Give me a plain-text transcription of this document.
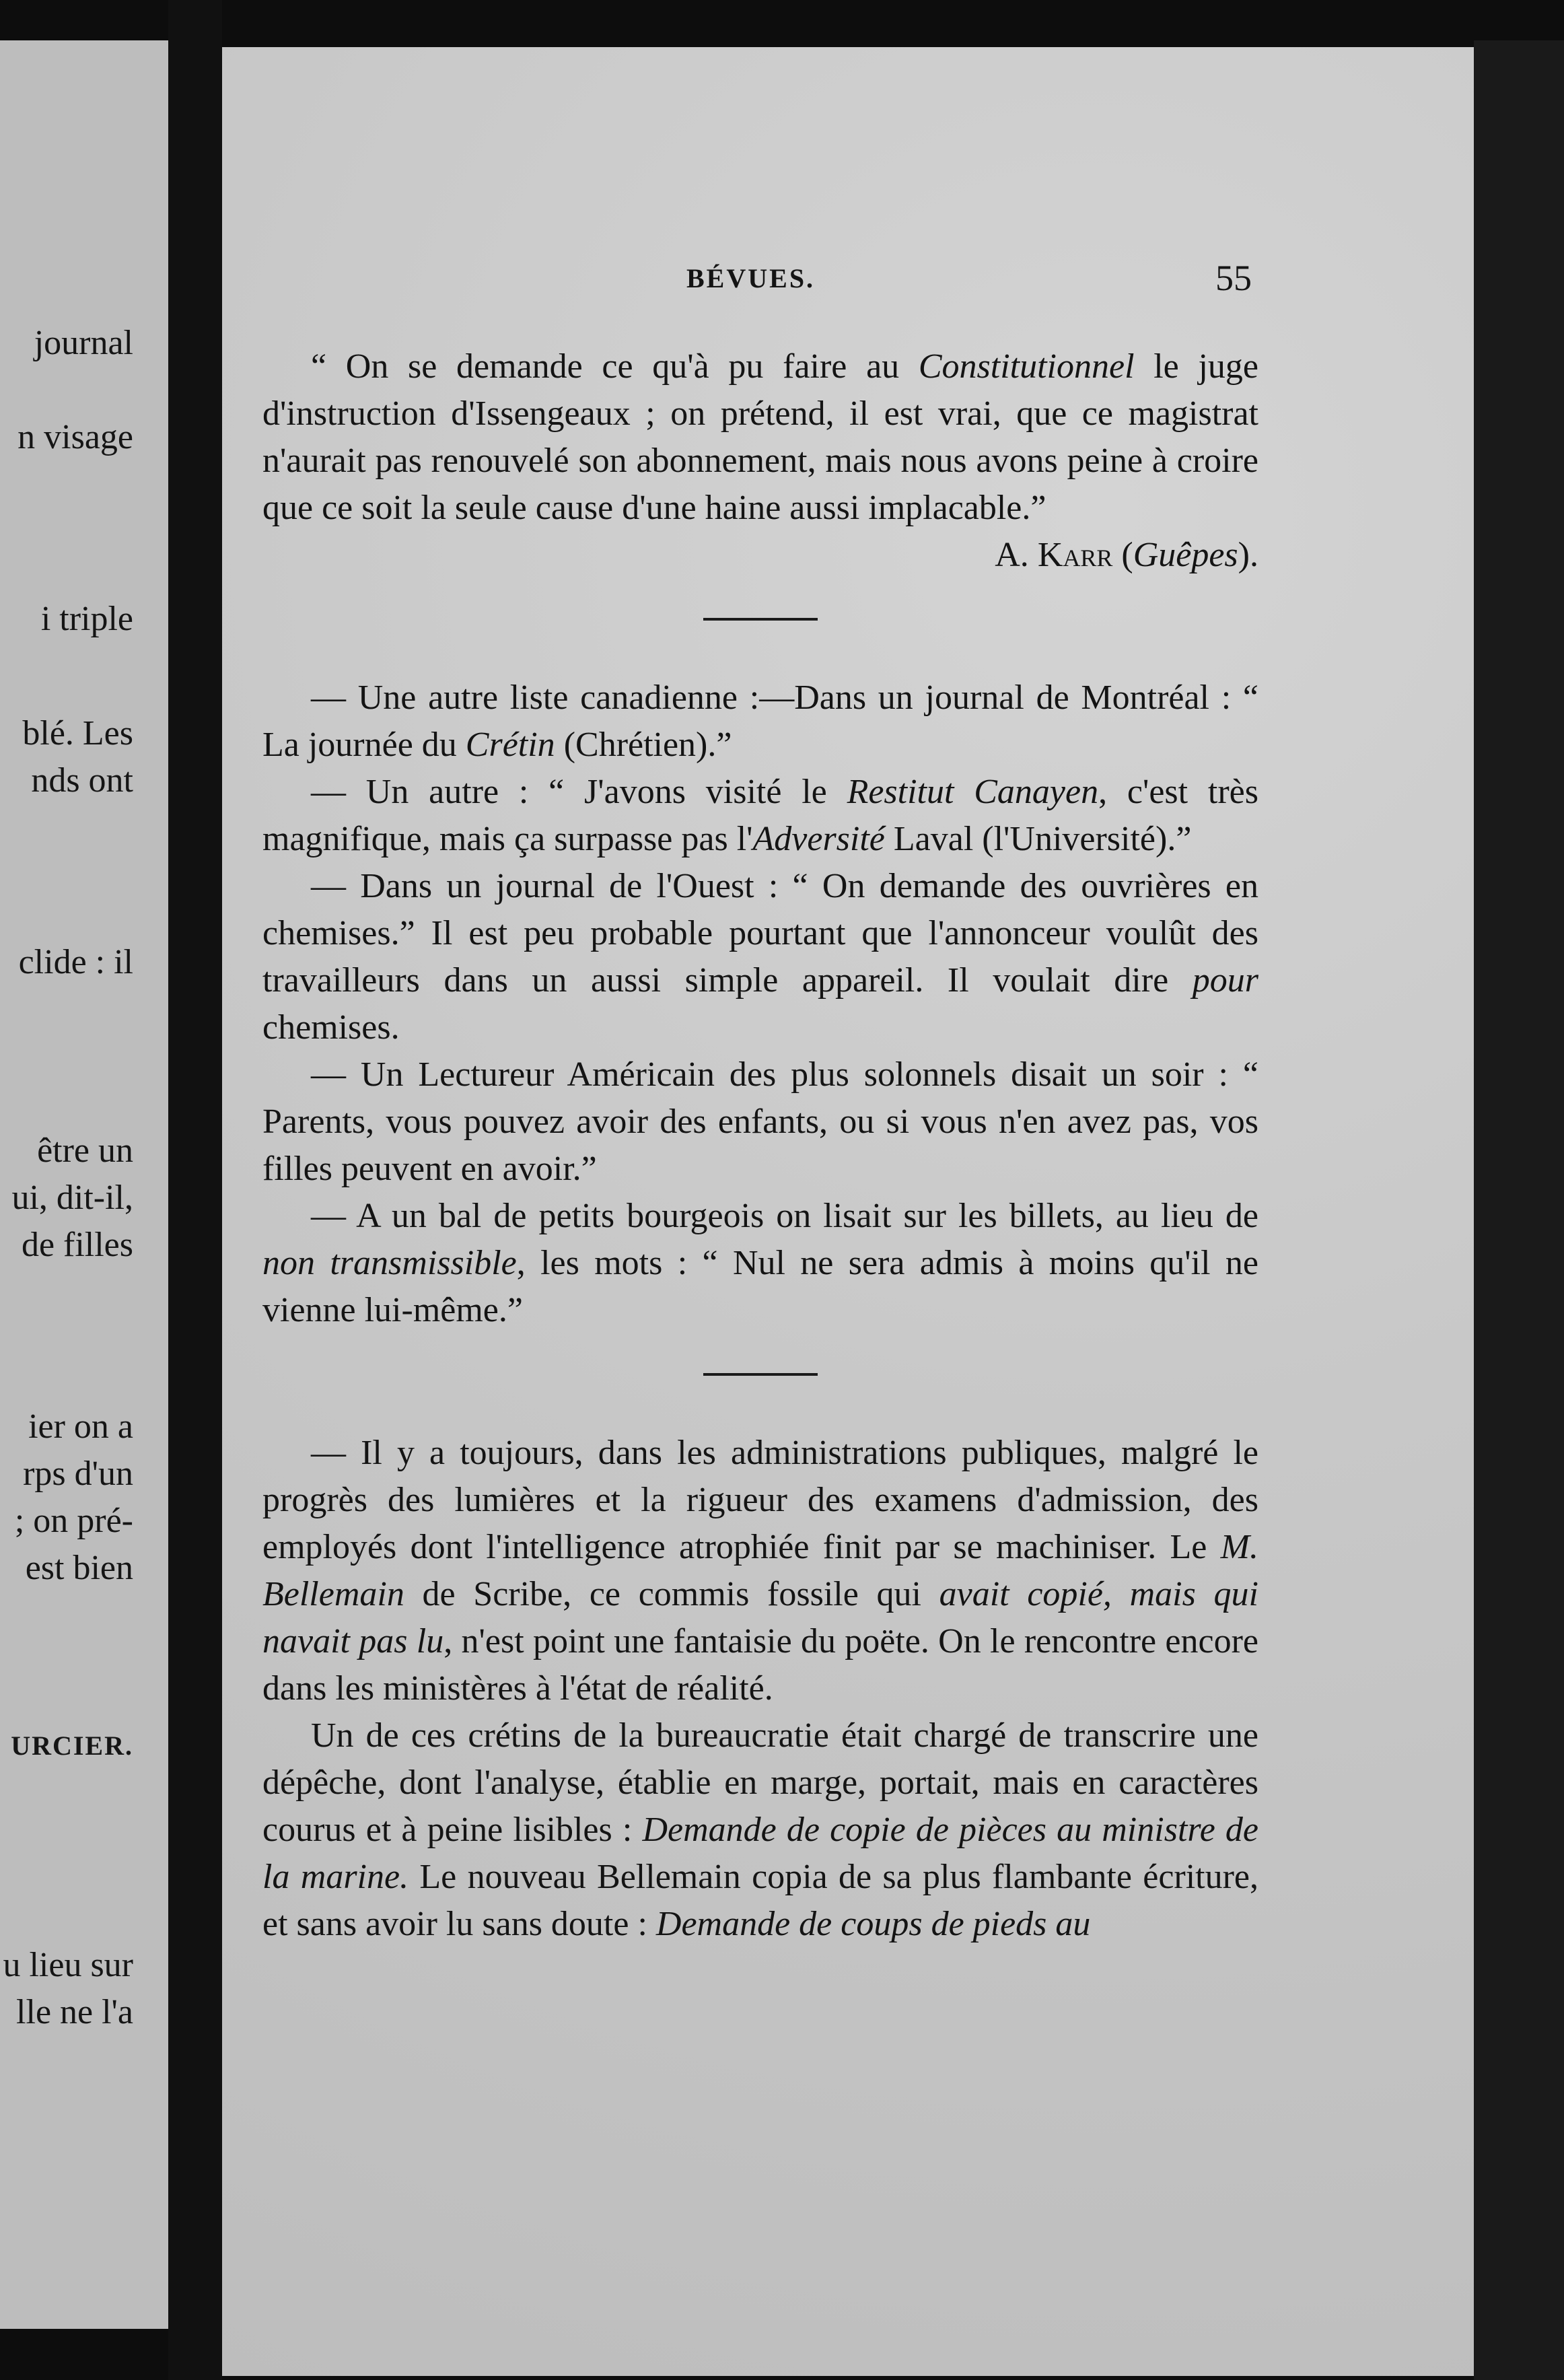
journal
n visage
i triple
blé. Les
nds ont
clide : il
être un
ui, dit-il,
de filles
ier on a
rps d'un
; on pré-
est bien
URCIER.
u lieu sur
lle ne l'a
BÉVUES.	55

“ On se demande ce qu'à pu faire au Constitutionnel le juge d'instruction d'Issengeaux ; on prétend, il est vrai, que ce magistrat n'aurait pas renouvelé son abonnement, mais nous avons peine à croire que ce soit la seule cause d'une haine aussi implacable.”

A. Karr (Guêpes).

— Une autre liste canadienne :—Dans un journal de Montréal : “ La journée du Crétin (Chrétien).”

— Un autre : “ J'avons visité le Restitut Canayen, c'est très magnifique, mais ça surpasse pas l'Adversité Laval (l'Université).”

— Dans un journal de l'Ouest : “ On demande des ouvrières en chemises.” Il est peu probable pourtant que l'annonceur voulût des travailleurs dans un aussi simple appareil. Il voulait dire pour chemises.

— Un Lectureur Américain des plus solonnels disait un soir : “ Parents, vous pouvez avoir des enfants, ou si vous n'en avez pas, vos filles peuvent en avoir.”

— A un bal de petits bourgeois on lisait sur les billets, au lieu de non transmissible, les mots : “ Nul ne sera admis à moins qu'il ne vienne lui-même.”

— Il y a toujours, dans les administrations publiques, malgré le progrès des lumières et la rigueur des examens d'admission, des employés dont l'intelligence atrophiée finit par se machiniser. Le M. Bellemain de Scribe, ce commis fossile qui avait copié, mais qui navait pas lu, n'est point une fantaisie du poëte. On le rencontre encore dans les ministères à l'état de réalité.

Un de ces crétins de la bureaucratie était chargé de transcrire une dépêche, dont l'analyse, établie en marge, portait, mais en caractères courus et à peine lisibles : Demande de copie de pièces au ministre de la marine. Le nouveau Bellemain copia de sa plus flambante écriture, et sans avoir lu sans doute : Demande de coups de pieds au
